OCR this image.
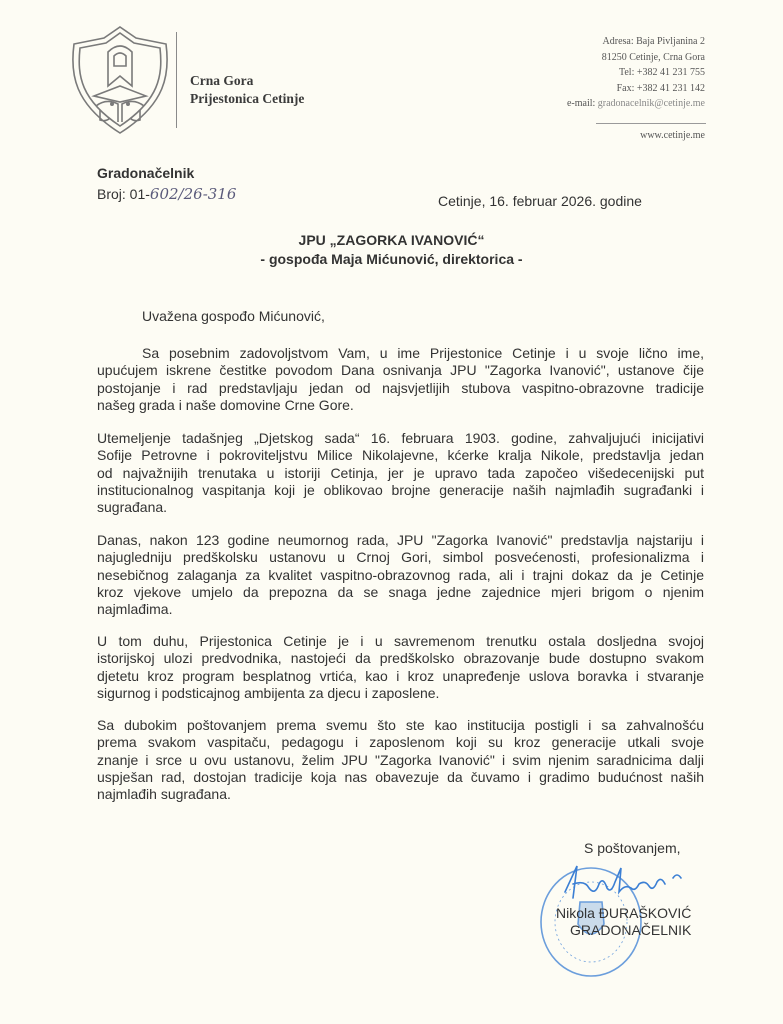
Crna Gora
Prijestonica Cetinje
Adresa: Baja Pivljanina 2
81250 Cetinje, Crna Gora
Tel: +382 41 231 755
Fax: +382 41 231 142
e-mail: gradonacelnik@cetinje.me
www.cetinje.me
Gradonačelnik
Broj: 01-602/26-316	Cetinje, 16. februar 2026. godine
JPU „ZAGORKA IVANOVIĆ“
- gospođa Maja Mićunović, direktorica -
Uvažena gospođo Mićunović,
Sa posebnim zadovoljstvom Vam, u ime Prijestonice Cetinje i u svoje lično ime,
upućujem iskrene čestitke povodom Dana osnivanja JPU "Zagorka Ivanović", ustanove čije
postojanje i rad predstavljaju jedan od najsvjetlijih stubova vaspitno-obrazovne tradicije
našeg grada i naše domovine Crne Gore.
Utemeljenje tadašnjeg „Djetskog sada“ 16. februara 1903. godine, zahvaljujući inicijativi
Sofije Petrovne i pokroviteljstvu Milice Nikolajevne, kćerke kralja Nikole, predstavlja jedan
od najvažnijih trenutaka u istoriji Cetinja, jer je upravo tada započeo višedecenijski put
institucionalnog vaspitanja koji je oblikovao brojne generacije naših najmlađih sugrađanki i
sugrađana.
Danas, nakon 123 godine neumornog rada, JPU "Zagorka Ivanović" predstavlja najstariju i
najugledniju predškolsku ustanovu u Crnoj Gori, simbol posvećenosti, profesionalizma i
nesebičnog zalaganja za kvalitet vaspitno-obrazovnog rada, ali i trajni dokaz da je Cetinje
kroz vjekove umjelo da prepozna da se snaga jedne zajednice mjeri brigom o njenim
najmlađima.
U tom duhu, Prijestonica Cetinje je i u savremenom trenutku ostala dosljedna svojoj
istorijskoj ulozi predvodnika, nastojeći da predškolsko obrazovanje bude dostupno svakom
djetetu kroz program besplatnog vrtića, kao i kroz unapređenje uslova boravka i stvaranje
sigurnog i podsticajnog ambijenta za djecu i zaposlene.
Sa dubokim poštovanjem prema svemu što ste kao institucija postigli i sa zahvalnošću
prema svakom vaspitaču, pedagogu i zaposlenom koji su kroz generacije utkali svoje
znanje i srce u ovu ustanovu, želim JPU "Zagorka Ivanović" i svim njenim saradnicima dalji
uspješan rad, dostojan tradicije koja nas obavezuje da čuvamo i gradimo budućnost naših
najmlađih sugrađana.
S poštovanjem,
Nikola ĐURAŠKOVIĆ
GRADONAČELNIK
